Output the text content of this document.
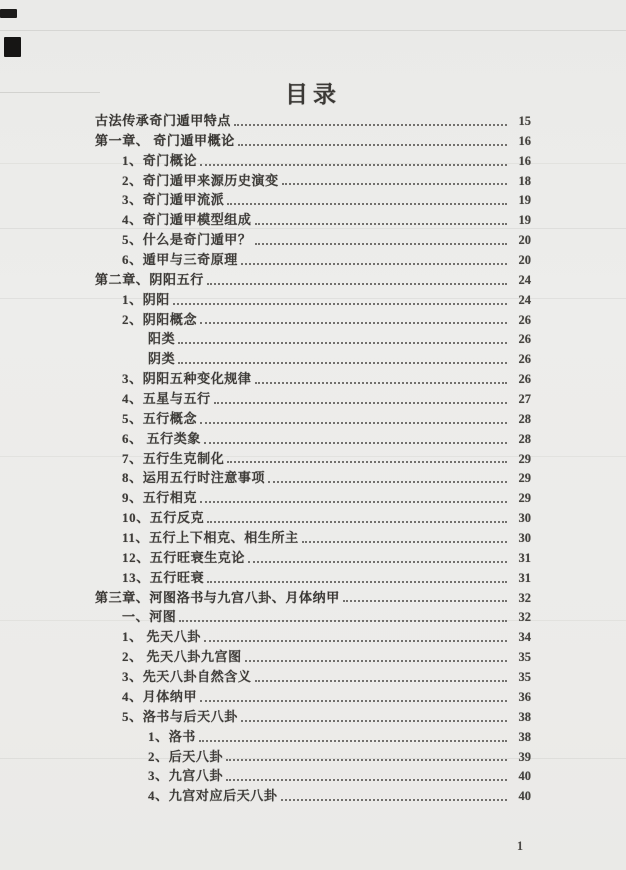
目录
古法传承奇门遁甲特点	15
第一章、 奇门遁甲概论	16
1、奇门概论	16
2、奇门遁甲来源历史演变	18
3、奇门遁甲流派	19
4、奇门遁甲模型组成	19
5、什么是奇门遁甲？	20
6、遁甲与三奇原理	20
第二章、阴阳五行	24
1、阴阳	24
2、阴阳概念	26
阳类	26
阴类	26
3、阴阳五种变化规律	26
4、五星与五行	27
5、五行概念	28
6、 五行类象	28
7、五行生克制化	29
8、运用五行时注意事项	29
9、五行相克	29
10、五行反克	30
11、五行上下相克、相生所主	30
12、五行旺衰生克论	31
13、五行旺衰	31
第三章、河图洛书与九宫八卦、月体纳甲	32
一、河图	32
1、 先天八卦	34
2、 先天八卦九宫图	35
3、先天八卦自然含义	35
4、月体纳甲	36
5、洛书与后天八卦	38
1、洛书	38
2、后天八卦	39
3、九宫八卦	40
4、九宫对应后天八卦	40
1
